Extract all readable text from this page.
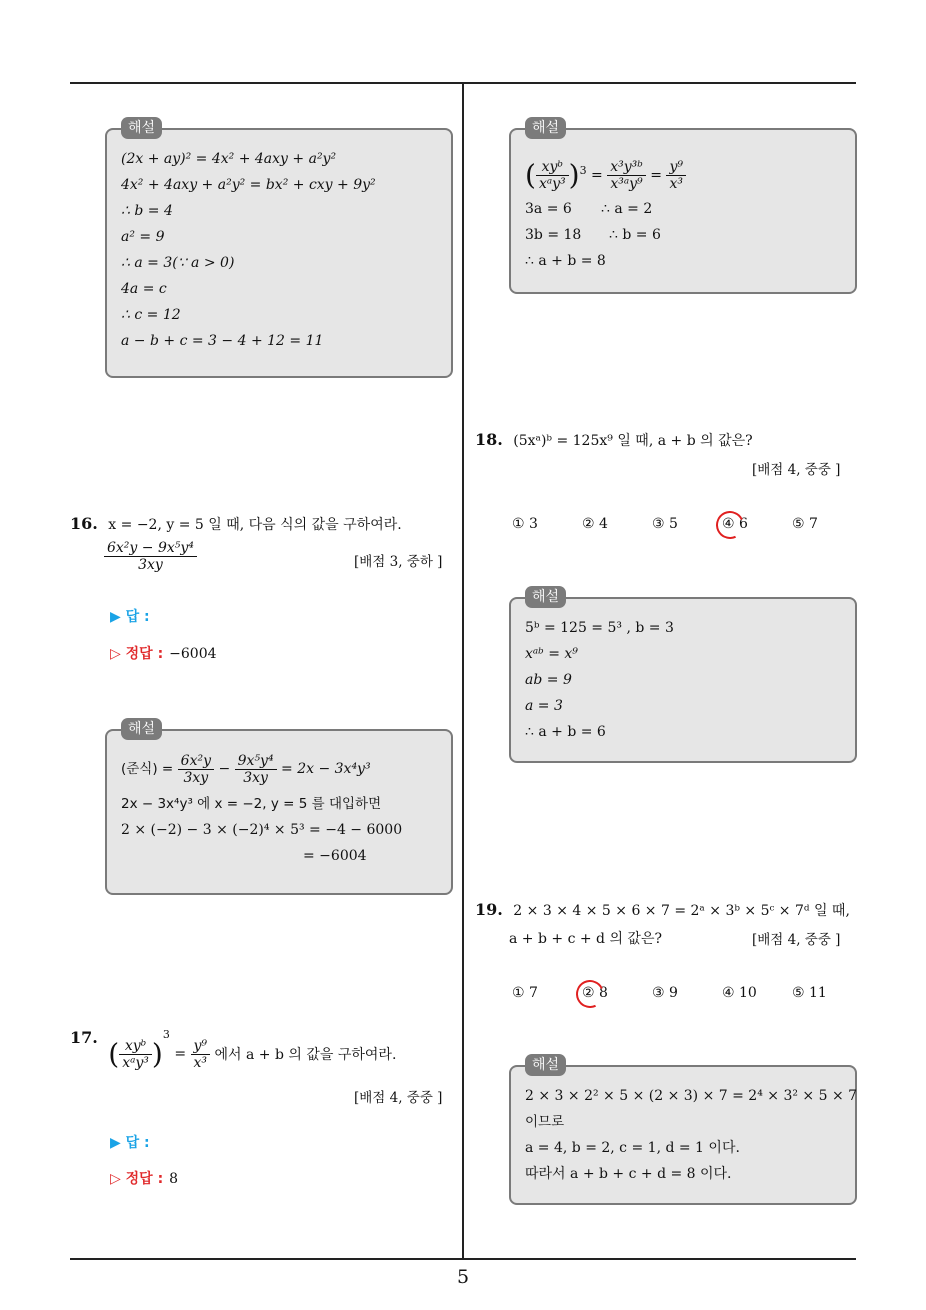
해설
(2x + ay)² = 4x² + 4axy + a²y²
4x² + 4axy + a²y² = bx² + cxy + 9y²
∴ b = 4
a² = 9
∴ a = 3(∵ a > 0)
4a = c
∴ c = 12
a − b + c = 3 − 4 + 12 = 11
16. x = −2, y = 5 일 때, 다음 식의 값을 구하여라.
$\frac{\text{6x²y − 9x⁵y⁴}}{3xy}$	[배점 3, 중하 ]
▶ 답 :
▷ 정답 : −6004
해설
(준식) = $\frac{\text{6x²y}}{3xy} - \frac{\text{9x⁵y⁴}}{3xy} = 2x - 3x^4y^3$
2x − 3x⁴y³ 에 x = −2, y = 5 를 대입하면
2 × (−2) − 3 × (−2)⁴ × 5³ = −4 − 6000
= −6004
17. ( $\frac{\text{xyᵇ}}{\text{xᵃy³}} )^3 = \frac{\text{y⁹}}{\text{x³}}$ 에서 a + b 의 값을 구하여라.
[배점 4, 중중 ]
▶ 답 :
▷ 정답 : 8
해설
( $\frac{\text{xyᵇ}}{\text{xᵃy³}} )^3 = \frac{\text{x³y³ᵇ}}{\text{x³ᵃy⁹}} = \frac{\text{y⁹}}{\text{x³}}$
3a = 6 ∴ a = 2
3b = 18 ∴ b = 6
∴ a + b = 8
18. (5xᵃ)ᵇ = 125x⁹ 일 때, a + b 의 값은?
[배점 4, 중중 ]
① 3	② 4	③ 5	④ 6	⑤ 7
해설
5ᵇ = 125 = 5³ , b = 3
xᵃᵇ = x⁹
ab = 9
a = 3
∴ a + b = 6
19. 2 × 3 × 4 × 5 × 6 × 7 = 2ᵃ × 3ᵇ × 5ᶜ × 7ᵈ 일 때,
a + b + c + d 의 값은?	[배점 4, 중중 ]
① 7	② 8	③ 9	④ 10	⑤ 11
해설
2 × 3 × 2² × 5 × (2 × 3) × 7 = 2⁴ × 3² × 5 × 7
이므로
a = 4, b = 2, c = 1, d = 1 이다.
따라서 a + b + c + d = 8 이다.
5
